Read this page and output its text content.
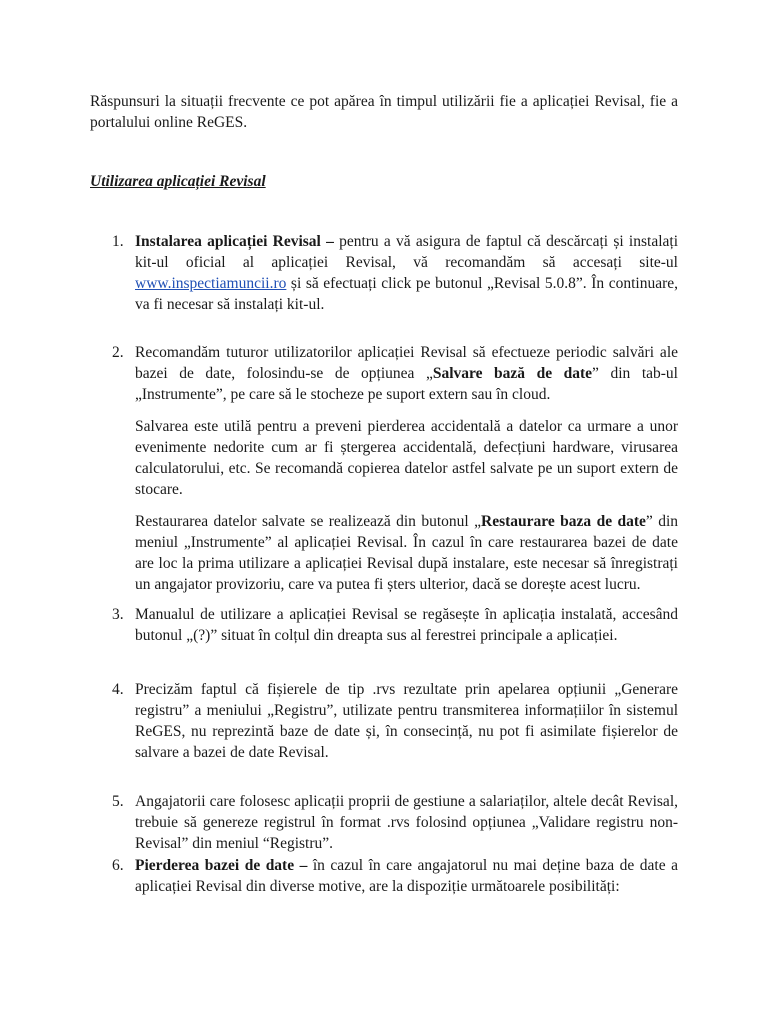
Răspunsuri la situații frecvente ce pot apărea în timpul utilizării fie a aplicației Revisal, fie a portalului online ReGES.

Utilizarea aplicației Revisal
1. Instalarea aplicației Revisal – pentru a vă asigura de faptul că descărcați și instalați kit-ul oficial al aplicației Revisal, vă recomandăm să accesați site-ul www.inspectiamuncii.ro și să efectuați click pe butonul „Revisal 5.0.8”. În continuare, va fi necesar să instalați kit-ul.

2. Recomandăm tuturor utilizatorilor aplicației Revisal să efectueze periodic salvări ale bazei de date, folosindu-se de opțiunea „Salvare bază de date” din tab-ul „Instrumente”, pe care să le stocheze pe suport extern sau în cloud.

Salvarea este utilă pentru a preveni pierderea accidentală a datelor ca urmare a unor evenimente nedorite cum ar fi ștergerea accidentală, defecțiuni hardware, virusarea calculatorului, etc. Se recomandă copierea datelor astfel salvate pe un suport extern de stocare.

Restaurarea datelor salvate se realizează din butonul „Restaurare baza de date” din meniul „Instrumente” al aplicației Revisal. În cazul în care restaurarea bazei de date are loc la prima utilizare a aplicației Revisal după instalare, este necesar să înregistrați un angajator provizoriu, care va putea fi șters ulterior, dacă se dorește acest lucru.

3. Manualul de utilizare a aplicației Revisal se regăsește în aplicația instalată, accesând butonul „(?)” situat în colțul din dreapta sus al ferestrei principale a aplicației.

4. Precizăm faptul că fișierele de tip .rvs rezultate prin apelarea opțiunii „Generare registru” a meniului „Registru”, utilizate pentru transmiterea informațiilor în sistemul ReGES, nu reprezintă baze de date și, în consecință, nu pot fi asimilate fișierelor de salvare a bazei de date Revisal.

5. Angajatorii care folosesc aplicații proprii de gestiune a salariaților, altele decât Revisal, trebuie să genereze registrul în format .rvs folosind opțiunea „Validare registru non-Revisal” din meniul “Registru”.

6. Pierderea bazei de date – în cazul în care angajatorul nu mai deține baza de date a aplicației Revisal din diverse motive, are la dispoziție următoarele posibilități:
